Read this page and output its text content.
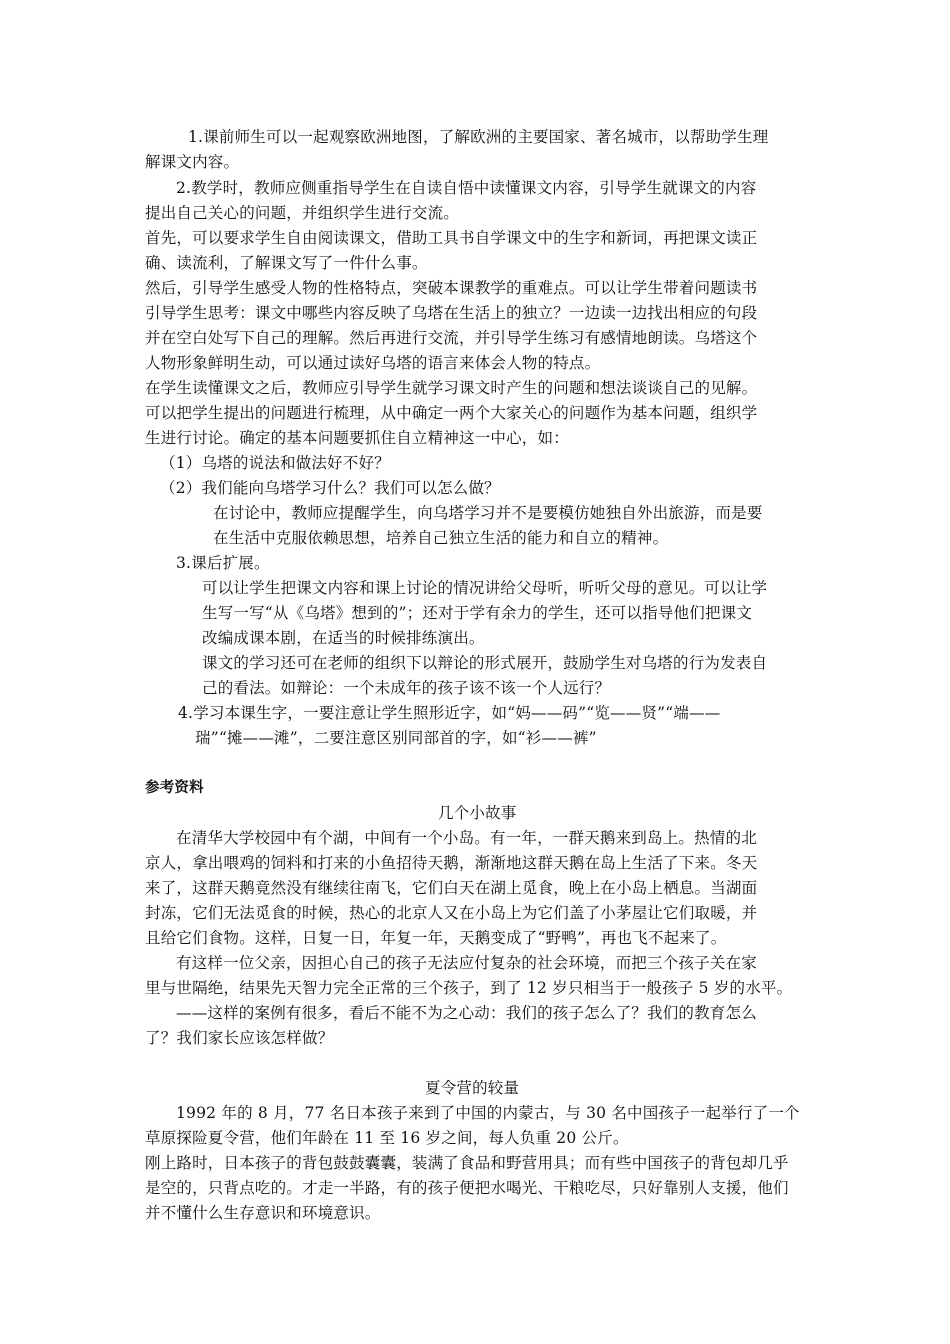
1.课前师生可以一起观察欧洲地图，了解欧洲的主要国家、著名城市，以帮助学生理
解课文内容。
2.教学时，教师应侧重指导学生在自读自悟中读懂课文内容，引导学生就课文的内容
提出自己关心的问题，并组织学生进行交流。
首先，可以要求学生自由阅读课文，借助工具书自学课文中的生字和新词，再把课文读正
确、读流利，了解课文写了一件什么事。
然后，引导学生感受人物的性格特点，突破本课教学的重难点。可以让学生带着问题读书
引导学生思考：课文中哪些内容反映了乌塔在生活上的独立？一边读一边找出相应的句段
并在空白处写下自己的理解。然后再进行交流，并引导学生练习有感情地朗读。乌塔这个
人物形象鲜明生动，可以通过读好乌塔的语言来体会人物的特点。
在学生读懂课文之后，教师应引导学生就学习课文时产生的问题和想法谈谈自己的见解。
可以把学生提出的问题进行梳理，从中确定一两个大家关心的问题作为基本问题，组织学
生进行讨论。确定的基本问题要抓住自立精神这一中心，如：
（1）乌塔的说法和做法好不好？
（2）我们能向乌塔学习什么？我们可以怎么做？
在讨论中，教师应提醒学生，向乌塔学习并不是要模仿她独自外出旅游，而是要
在生活中克服依赖思想，培养自己独立生活的能力和自立的精神。
3.课后扩展。
可以让学生把课文内容和课上讨论的情况讲给父母听，听听父母的意见。可以让学
生写一写“从《乌塔》想到的”；还对于学有余力的学生，还可以指导他们把课文
改编成课本剧，在适当的时候排练演出。
课文的学习还可在老师的组织下以辩论的形式展开，鼓励学生对乌塔的行为发表自
己的看法。如辩论：一个未成年的孩子该不该一个人远行？
4.学习本课生字，一要注意让学生照形近字，如“妈——码”“览——贤”“端——
瑞”“摊——滩”，二要注意区别同部首的字，如“衫——裤”
参考资料
几个小故事
在清华大学校园中有个湖，中间有一个小岛。有一年，一群天鹅来到岛上。热情的北
京人，拿出喂鸡的饲料和打来的小鱼招待天鹅，渐渐地这群天鹅在岛上生活了下来。冬天
来了，这群天鹅竟然没有继续往南飞，它们白天在湖上觅食，晚上在小岛上栖息。当湖面
封冻，它们无法觅食的时候，热心的北京人又在小岛上为它们盖了小茅屋让它们取暖，并
且给它们食物。这样，日复一日，年复一年，天鹅变成了“野鸭”，再也飞不起来了。
有这样一位父亲，因担心自己的孩子无法应付复杂的社会环境，而把三个孩子关在家
里与世隔绝，结果先天智力完全正常的三个孩子，到了 12 岁只相当于一般孩子 5 岁的水平。
——这样的案例有很多，看后不能不为之心动：我们的孩子怎么了？我们的教育怎么
了？我们家长应该怎样做？
夏令营的较量
1992 年的 8 月，77 名日本孩子来到了中国的内蒙古，与 30 名中国孩子一起举行了一个
草原探险夏令营，他们年龄在 11 至 16 岁之间，每人负重 20 公斤。
刚上路时，日本孩子的背包鼓鼓囊囊，装满了食品和野营用具；而有些中国孩子的背包却几乎
是空的，只背点吃的。才走一半路，有的孩子便把水喝光、干粮吃尽，只好靠别人支援，他们
并不懂什么生存意识和环境意识。
